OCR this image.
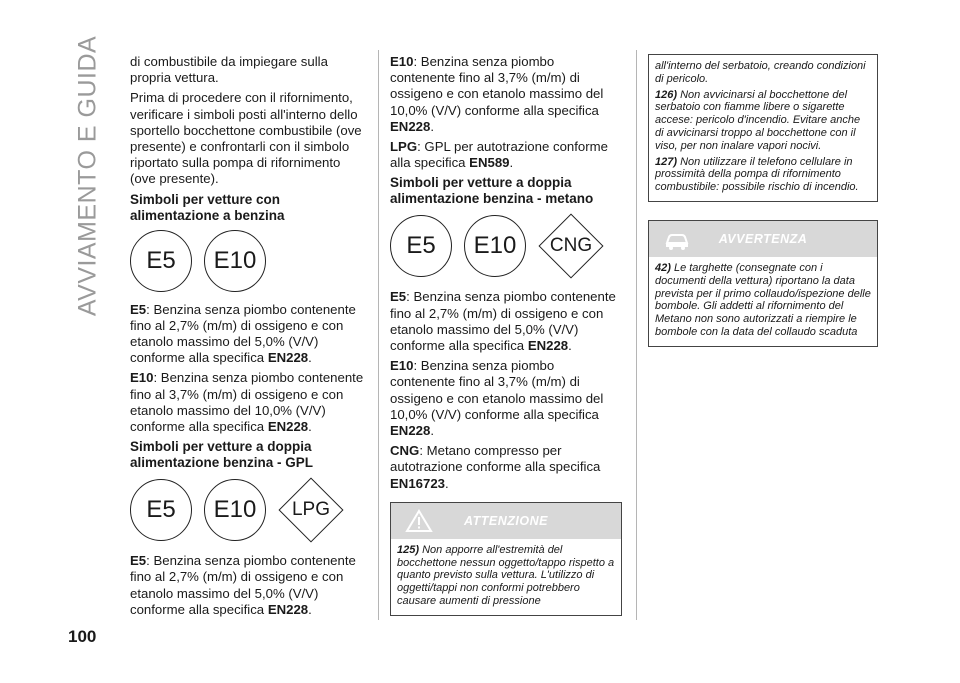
AVVIAMENTO E GUIDA
100

di combustibile da impiegare sulla propria vettura.

Prima di procedere con il rifornimento, verificare i simboli posti all'interno dello sportello bocchettone combustibile (ove presente) e confrontarli con il simbolo riportato sulla pompa di rifornimento (ove presente).

Simboli per vetture con alimentazione a benzina
E5	E10

E5: Benzina senza piombo contenente fino al 2,7% (m/m) di ossigeno e con etanolo massimo del 5,0% (V/V) conforme alla specifica EN228.

E10: Benzina senza piombo contenente fino al 3,7% (m/m) di ossigeno e con etanolo massimo del 10,0% (V/V) conforme alla specifica EN228.

Simboli per vetture a doppia alimentazione benzina - GPL
E5	E10	LPG

E5: Benzina senza piombo contenente fino al 2,7% (m/m) di ossigeno e con etanolo massimo del 5,0% (V/V) conforme alla specifica EN228.

E10: Benzina senza piombo contenente fino al 3,7% (m/m) di ossigeno e con etanolo massimo del 10,0% (V/V) conforme alla specifica EN228.

LPG: GPL per autotrazione conforme alla specifica EN589.

Simboli per vetture a doppia alimentazione benzina - metano
E5	E10	CNG

E5: Benzina senza piombo contenente fino al 2,7% (m/m) di ossigeno e con etanolo massimo del 5,0% (V/V) conforme alla specifica EN228.

E10: Benzina senza piombo contenente fino al 3,7% (m/m) di ossigeno e con etanolo massimo del 10,0% (V/V) conforme alla specifica EN228.

CNG: Metano compresso per autotrazione conforme alla specifica EN16723.

ATTENZIONE

125) Non apporre all'estremità del bocchettone nessun oggetto/tappo rispetto a quanto previsto sulla vettura. L'utilizzo di oggetti/tappi non conformi potrebbero causare aumenti di pressione

all'interno del serbatoio, creando condizioni di pericolo.

126) Non avvicinarsi al bocchettone del serbatoio con fiamme libere o sigarette accese: pericolo d'incendio. Evitare anche di avvicinarsi troppo al bocchettone con il viso, per non inalare vapori nocivi.

127) Non utilizzare il telefono cellulare in prossimità della pompa di rifornimento combustibile: possibile rischio di incendio.

AVVERTENZA

42) Le targhette (consegnate con i documenti della vettura) riportano la data prevista per il primo collaudo/ispezione delle bombole. Gli addetti al rifornimento del Metano non sono autorizzati a riempire le bombole con la data del collaudo scaduta
